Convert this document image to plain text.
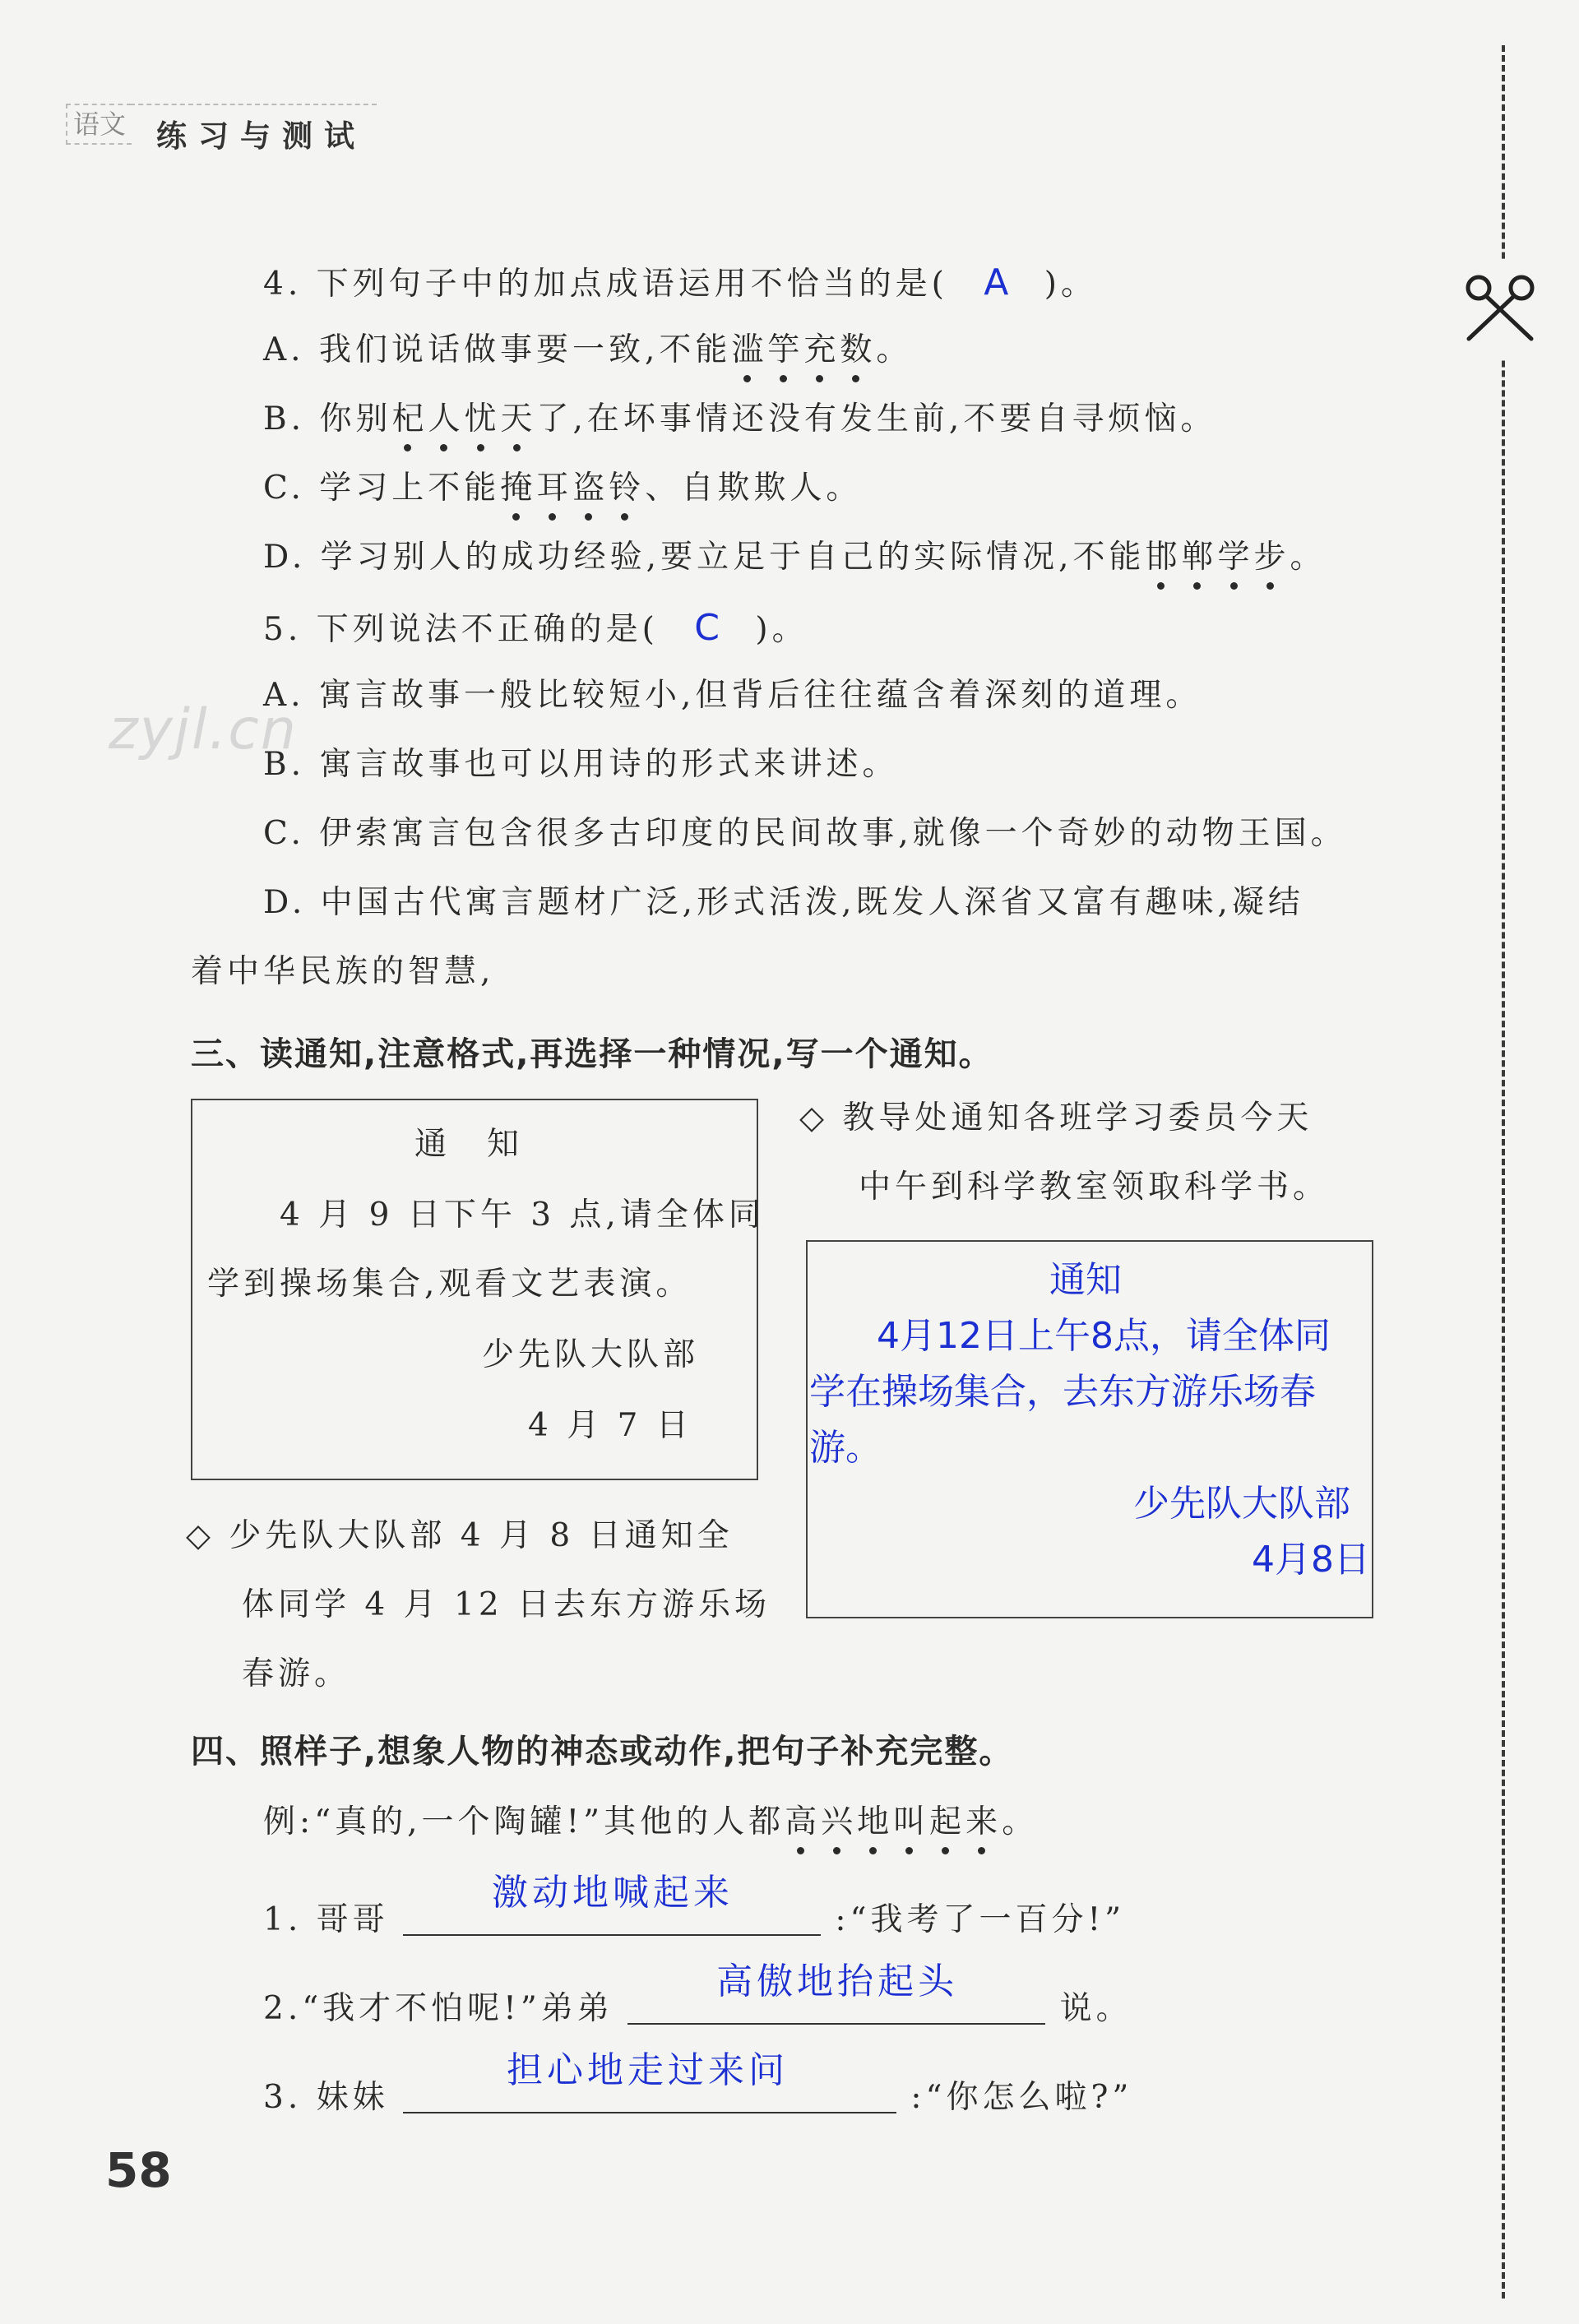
语文 练习与测试
zyjl.cn
4. 下列句子中的加点成语运用不恰当的是( A )。
A. 我们说话做事要一致,不能滥竽充数。
B. 你别杞人忧天了,在坏事情还没有发生前,不要自寻烦恼。
C. 学习上不能掩耳盗铃、自欺欺人。
D. 学习别人的成功经验,要立足于自己的实际情况,不能邯郸学步。
5. 下列说法不正确的是( C )。
A. 寓言故事一般比较短小,但背后往往蕴含着深刻的道理。
B. 寓言故事也可以用诗的形式来讲述。
C. 伊索寓言包含很多古印度的民间故事,就像一个奇妙的动物王国。
D. 中国古代寓言题材广泛,形式活泼,既发人深省又富有趣味,凝结
着中华民族的智慧,
三、读通知,注意格式,再选择一种情况,写一个通知。
通　知
4 月 9 日下午 3 点,请全体同
学到操场集合,观看文艺表演。
少先队大队部
4 月 7 日
◇ 教导处通知各班学习委员今天
中午到科学教室领取科学书。
通知
4月12日上午8点，请全体同
学在操场集合，去东方游乐场春
游。
少先队大队部
4月8日
◇ 少先队大队部 4 月 8 日通知全
体同学 4 月 12 日去东方游乐场
春游。
四、照样子,想象人物的神态或动作,把句子补充完整。
例:“真的,一个陶罐!”其他的人都高兴地叫起来。
1. 哥哥
激动地喊起来
:“我考了一百分!”
2.“我才不怕呢!”弟弟
高傲地抬起头
说。
3. 妹妹
担心地走过来问
:“你怎么啦?”
58
